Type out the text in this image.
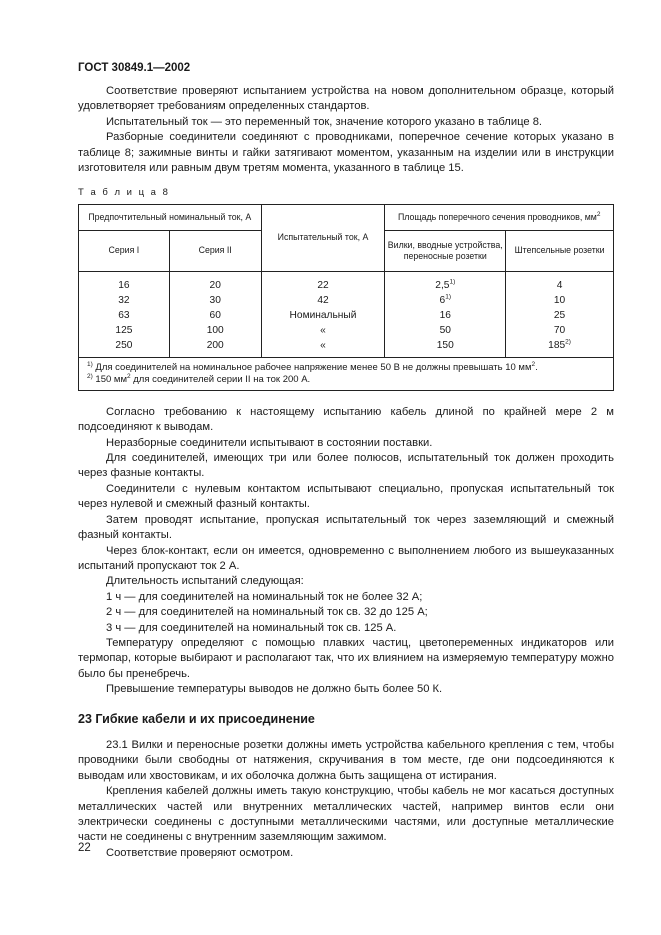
ГОСТ 30849.1—2002

Соответствие проверяют испытанием устройства на новом дополнительном образце, который удовлетворяет требованиям определенных стандартов.

Испытательный ток — это переменный ток, значение которого указано в таблице 8.

Разборные соединители соединяют с проводниками, поперечное сечение которых указано в таблице 8; зажимные винты и гайки затягивают моментом, указанным на изделии или в инструкции изготовителя или равным двум третям момента, указанного в таблице 15.

Т а б л и ц а 8
Предпочтительный номинальный ток, А		Испытательный ток, А	Площадь поперечного сечения проводников, $мм^2$
Серия I	Серия II		Вилки, вводные устройства, переносные розетки	Штепсельные розетки
16	20	22	2,5$^{1)}$	4
32	30	42	6$^{1)}$	10
63	60	Номинальный	16	25
125	100	«	50	70
250	200	«	150	185$^{2)}$

$^{1)}$ Для соединителей на номинальное рабочее напряжение менее 50 В не должны превышать 10 $мм^2$.
$^{2)}$ 150 $мм^2$ для соединителей серии II на ток 200 А.				

Согласно требованию к настоящему испытанию кабель длиной по крайней мере 2 м подсоединяют к выводам.

Неразборные соединители испытывают в состоянии поставки.

Для соединителей, имеющих три или более полюсов, испытательный ток должен проходить через фазные контакты.

Соединители с нулевым контактом испытывают специально, пропуская испытательный ток через нулевой и смежный фазный контакты.

Затем проводят испытание, пропуская испытательный ток через заземляющий и смежный фазный контакты.

Через блок-контакт, если он имеется, одновременно с выполнением любого из вышеуказанных испытаний пропускают ток 2 А.

Длительность испытаний следующая:

1 ч — для соединителей на номинальный ток не более 32 А;

2 ч — для соединителей на номинальный ток св. 32 до 125 А;

3 ч — для соединителей на номинальный ток св. 125 А.

Температуру определяют с помощью плавких частиц, цветопеременных индикаторов или термопар, которые выбирают и располагают так, что их влиянием на измеряемую температуру можно было бы пренебречь.

Превышение температуры выводов не должно быть более 50 К.

23 Гибкие кабели и их присоединение

23.1 Вилки и переносные розетки должны иметь устройства кабельного крепления с тем, чтобы проводники были свободны от натяжения, скручивания в том месте, где они подсоединяются к выводам или хвостовикам, и их оболочка должна быть защищена от истирания.

Крепления кабелей должны иметь такую конструкцию, чтобы кабель не мог касаться доступных металлических частей или внутренних металлических частей, например винтов если они электрически соединены с доступными металлическими частями, или доступные металлические части не соединены с внутренним заземляющим зажимом.

Соответствие проверяют осмотром.

22
